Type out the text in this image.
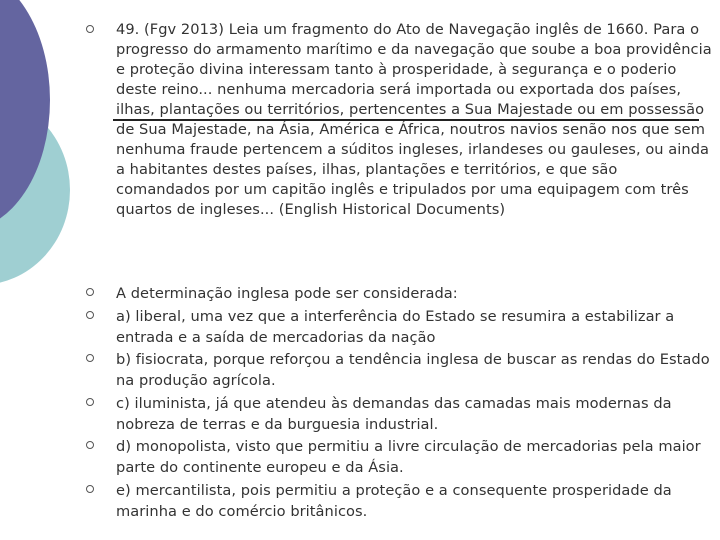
49. (Fgv 2013) Leia um fragmento do Ato de Navegação inglês de 1660. Para o progresso do armamento marítimo e da navegação que soube a boa providência e proteção divina interessam tanto à prosperidade, à segurança e o poderio deste reino... nenhuma mercadoria será importada ou exportada dos países, ilhas, plantações ou territórios, pertencentes a Sua Majestade ou em possessão de Sua Majestade, na Ásia, América e África, noutros navios senão nos que sem nenhuma fraude pertencem a súditos ingleses, irlandeses ou gauleses, ou ainda a habitantes destes países, ilhas, plantações e territórios, e que são comandados por um capitão inglês e tripulados por uma equipagem com três quartos de ingleses... (English Historical Documents)
A determinação inglesa pode ser considerada:
a) liberal, uma vez que a interferência do Estado se resumira a estabilizar a entrada e a saída de mercadorias da nação
b) fisiocrata, porque reforçou a tendência inglesa de buscar as rendas do Estado na produção agrícola.
c) iluminista, já que atendeu às demandas das camadas mais modernas da nobreza de terras e da burguesia industrial.
d) monopolista, visto que permitiu a livre circulação de mercadorias pela maior parte do continente europeu e da Ásia.
e) mercantilista, pois permitiu a proteção e a consequente prosperidade da marinha e do comércio britânicos.
